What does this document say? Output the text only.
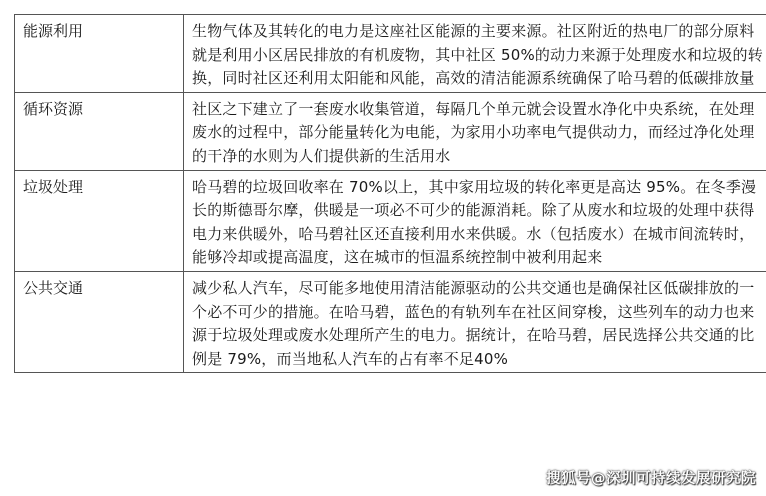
能源利用	生物气体及其转化的电力是这座社区能源的主要来源。社区附近的热电厂的部分原料就是利用小区居民排放的有机废物，其中社区 50%的动力来源于处理废水和垃圾的转换，同时社区还利用太阳能和风能，高效的清洁能源系统确保了哈马碧的低碳排放量
循环资源	社区之下建立了一套废水收集管道，每隔几个单元就会设置水净化中央系统，在处理废水的过程中，部分能量转化为电能，为家用小功率电气提供动力，而经过净化处理的干净的水则为人们提供新的生活用水
垃圾处理	哈马碧的垃圾回收率在 70%以上，其中家用垃圾的转化率更是高达 95%。在冬季漫长的斯德哥尔摩，供暖是一项必不可少的能源消耗。除了从废水和垃圾的处理中获得电力来供暖外，哈马碧社区还直接利用水来供暖。水（包括废水）在城市间流转时，能够冷却或提高温度，这在城市的恒温系统控制中被利用起来
公共交通	减少私人汽车，尽可能多地使用清洁能源驱动的公共交通也是确保社区低碳排放的一个必不可少的措施。在哈马碧，蓝色的有轨列车在社区间穿梭，这些列车的动力也来源于垃圾处理或废水处理所产生的电力。据统计，在哈马碧，居民选择公共交通的比例是 79%，而当地私人汽车的占有率不足40%
搜狐号@深圳可持续发展研究院
